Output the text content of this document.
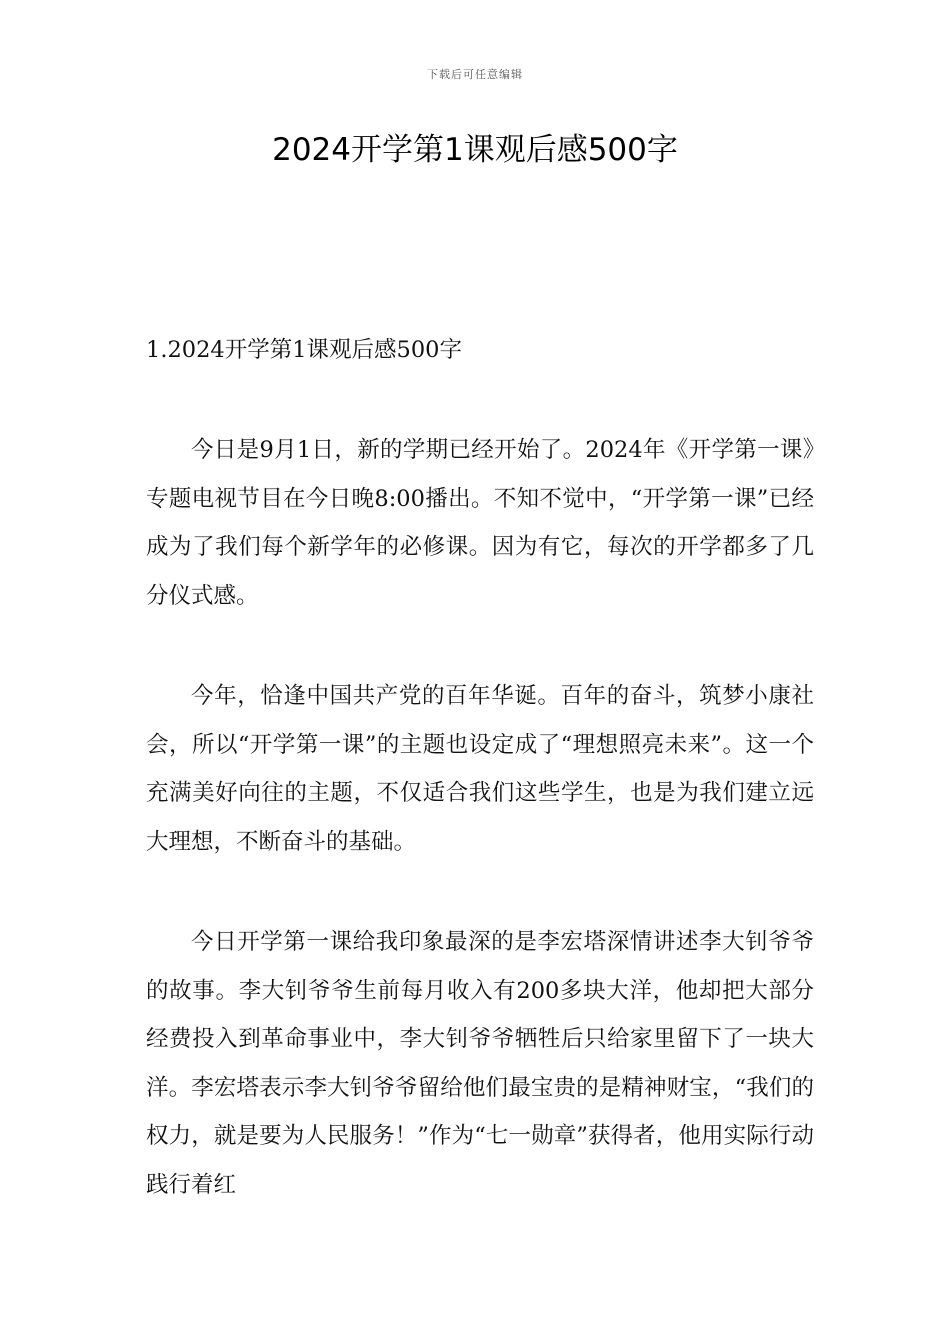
下载后可任意编辑
2024开学第1课观后感500字

1.2024开学第1课观后感500字

今日是9月1日，新的学期已经开始了。2024年《开学第一课》专题电视节目在今日晚8:00播出。不知不觉中，“开学第一课”已经成为了我们每个新学年的必修课。因为有它，每次的开学都多了几分仪式感。

今年，恰逢中国共产党的百年华诞。百年的奋斗，筑梦小康社会，所以“开学第一课”的主题也设定成了“理想照亮未来”。这一个充满美好向往的主题，不仅适合我们这些学生，也是为我们建立远大理想，不断奋斗的基础。

今日开学第一课给我印象最深的是李宏塔深情讲述李大钊爷爷的故事。李大钊爷爷生前每月收入有200多块大洋，他却把大部分经费投入到革命事业中，李大钊爷爷牺牲后只给家里留下了一块大洋。李宏塔表示李大钊爷爷留给他们最宝贵的是精神财宝，“我们的权力，就是要为人民服务！”作为“七一勋章”获得者，他用实际行动践行着红
